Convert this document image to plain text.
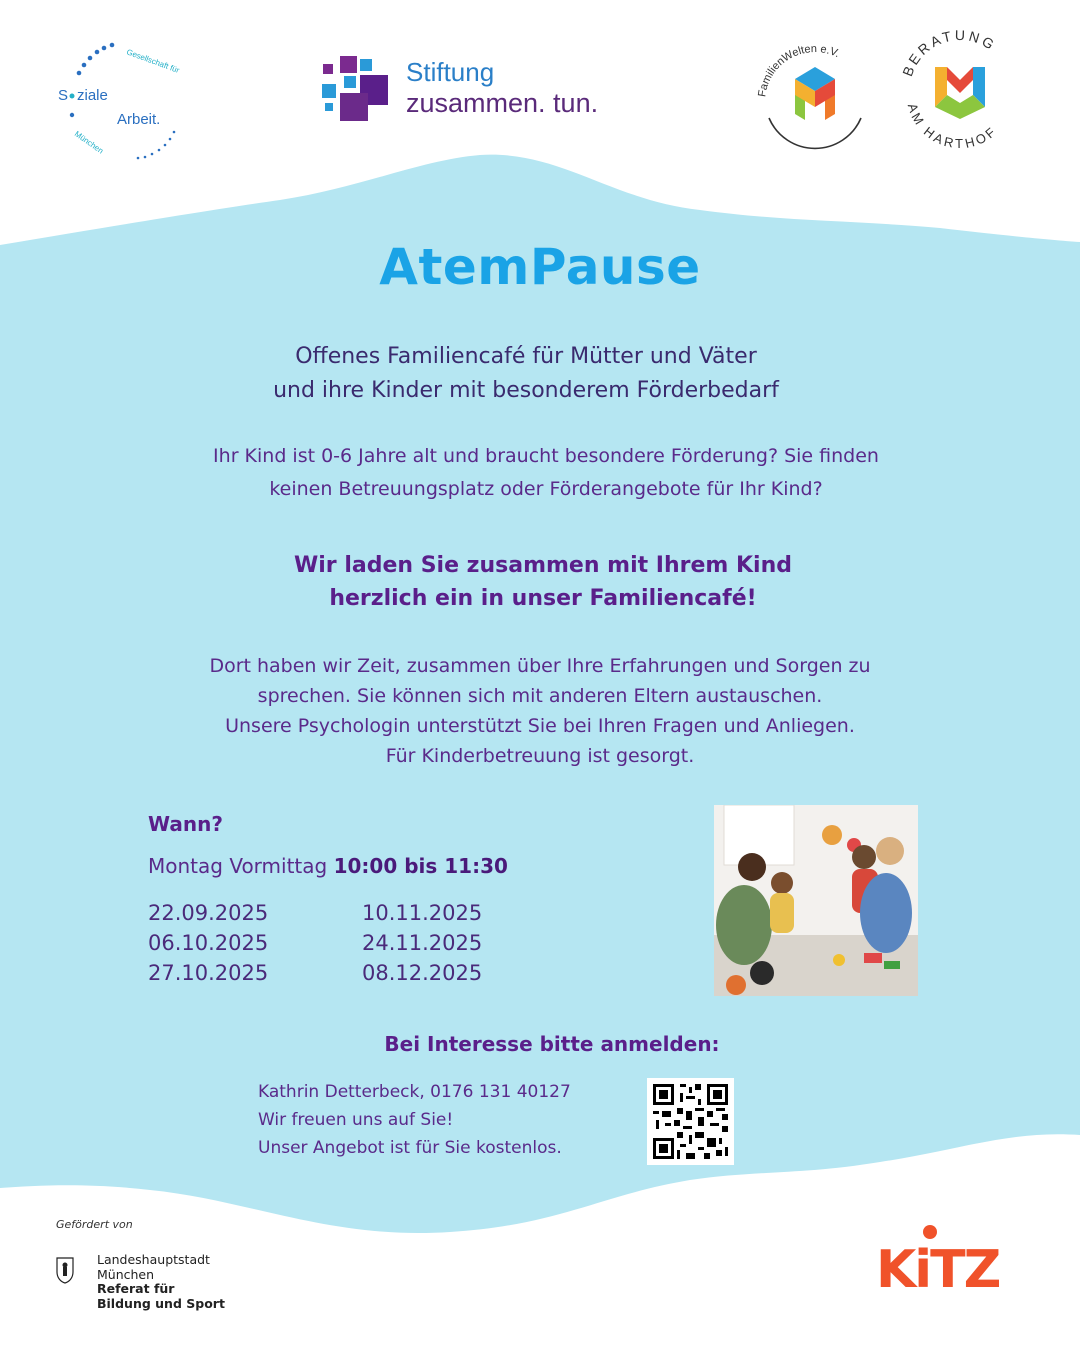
S ziale
Arbeit.
Gesellschaft für
München
Stiftung
zusammen. tun.	FamilienWelten e.V.
BERATUNG
AM HARTHOF
AtemPause
Offenes Familiencafé für Mütter und Väter
und ihre Kinder mit besonderem Förderbedarf
Ihr Kind ist 0-6 Jahre alt und braucht besondere Förderung? Sie finden
keinen Betreuungsplatz oder Förderangebote für Ihr Kind?
Wir laden Sie zusammen mit Ihrem Kind
herzlich ein in unser Familiencafé!
Dort haben wir Zeit, zusammen über Ihre Erfahrungen und Sorgen zu
sprechen. Sie können sich mit anderen Eltern austauschen.
Unsere Psychologin unterstützt Sie bei Ihren Fragen und Anliegen.
Für Kinderbetreuung ist gesorgt.
Wann?
Montag Vormittag 10:00 bis 11:30
22.09.2025
06.10.2025
27.10.2025
10.11.2025
24.11.2025
08.12.2025
Bei Interesse bitte anmelden:
Kathrin Detterbeck, 0176 131 40127
Wir freuen uns auf Sie!
Unser Angebot ist für Sie kostenlos.
Gefördert von
Landeshauptstadt
München
Referat für
Bildung und Sport
KiTZ
